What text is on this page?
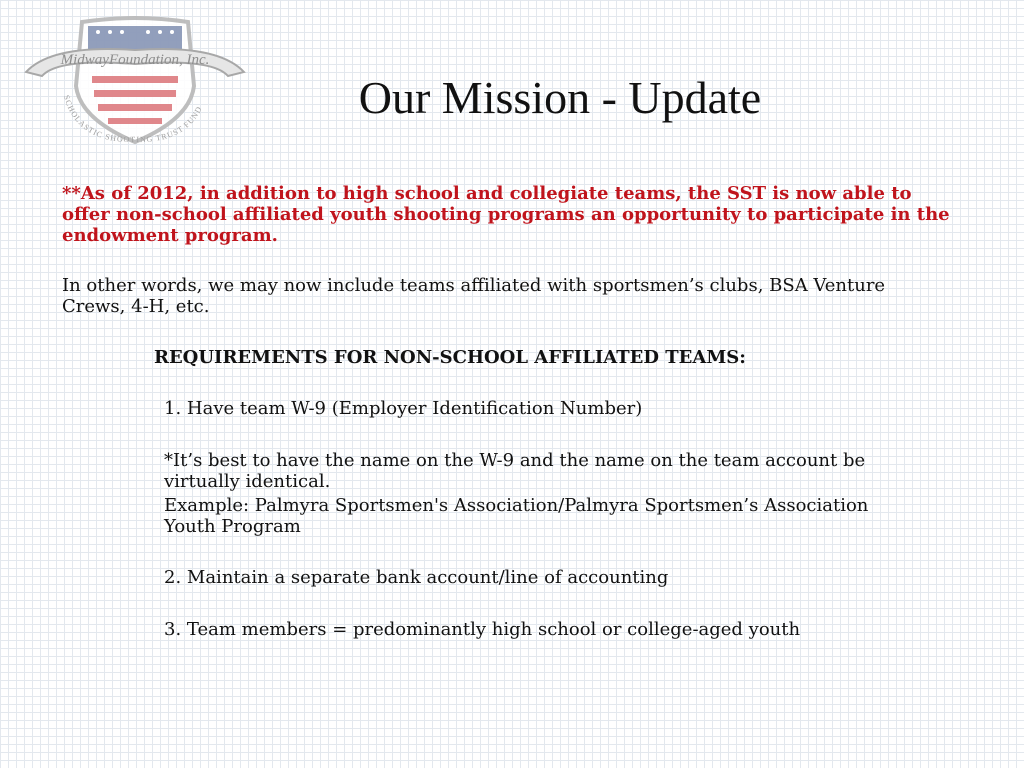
MidwayFoundation, Inc.
SCHOLASTIC SHOOTING TRUST FUND	Our Mission - Update

**As of 2012, in addition to high school and collegiate teams, the SST is now able to offer non-school affiliated youth shooting programs an opportunity to participate in the endowment program.

In other words, we may now include teams affiliated with sportsmen’s clubs, BSA Venture Crews, 4-H, etc.

REQUIREMENTS FOR NON-SCHOOL AFFILIATED TEAMS:

1. Have team W-9 (Employer Identification Number)

*It’s best to have the name on the W-9 and the name on the team account be virtually identical.

Example: Palmyra Sportsmen's Association/Palmyra Sportsmen’s Association Youth Program

2. Maintain a separate bank account/line of accounting

3. Team members = predominantly high school or college-aged youth
